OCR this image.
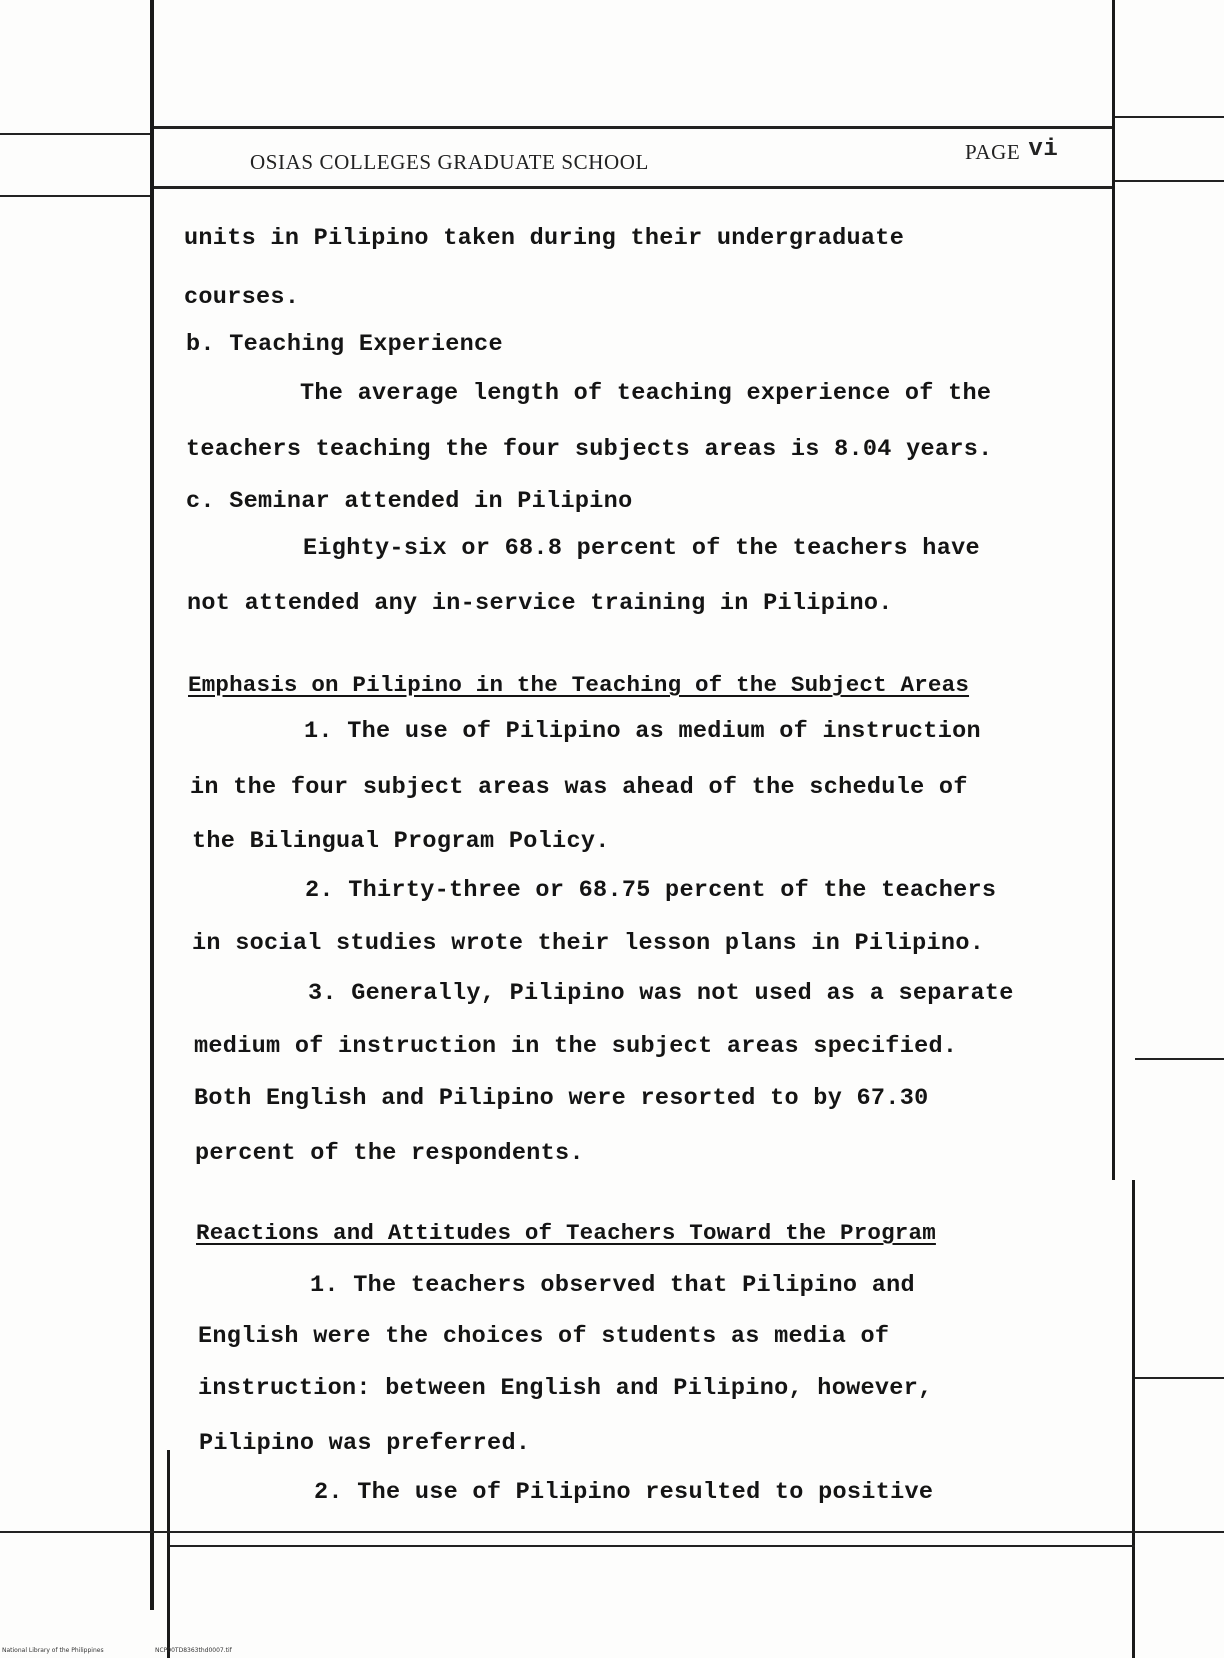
OSIAS COLLEGES GRADUATE SCHOOL	PAGE vi
units in Pilipino taken during their undergraduate
courses.
b. Teaching Experience
The average length of teaching experience of the
teachers teaching the four subjects areas is 8.04 years.
c. Seminar attended in Pilipino
Eighty-six or 68.8 percent of the teachers have
not attended any in-service training in Pilipino.
Emphasis on Pilipino in the Teaching of the Subject Areas
1. The use of Pilipino as medium of instruction
in the four subject areas was ahead of the schedule of
the Bilingual Program Policy.
2. Thirty-three or 68.75 percent of the teachers
in social studies wrote their lesson plans in Pilipino.
3. Generally, Pilipino was not used as a separate
medium of instruction in the subject areas specified.
Both English and Pilipino were resorted to by 67.30
percent of the respondents.
Reactions and Attitudes of Teachers Toward the Program
1. The teachers observed that Pilipino and
English were the choices of students as media of
instruction: between English and Pilipino, however,
Pilipino was preferred.
2. The use of Pilipino resulted to positive
National Library of the Philippines	NCP00TD8363thd0007.tif
